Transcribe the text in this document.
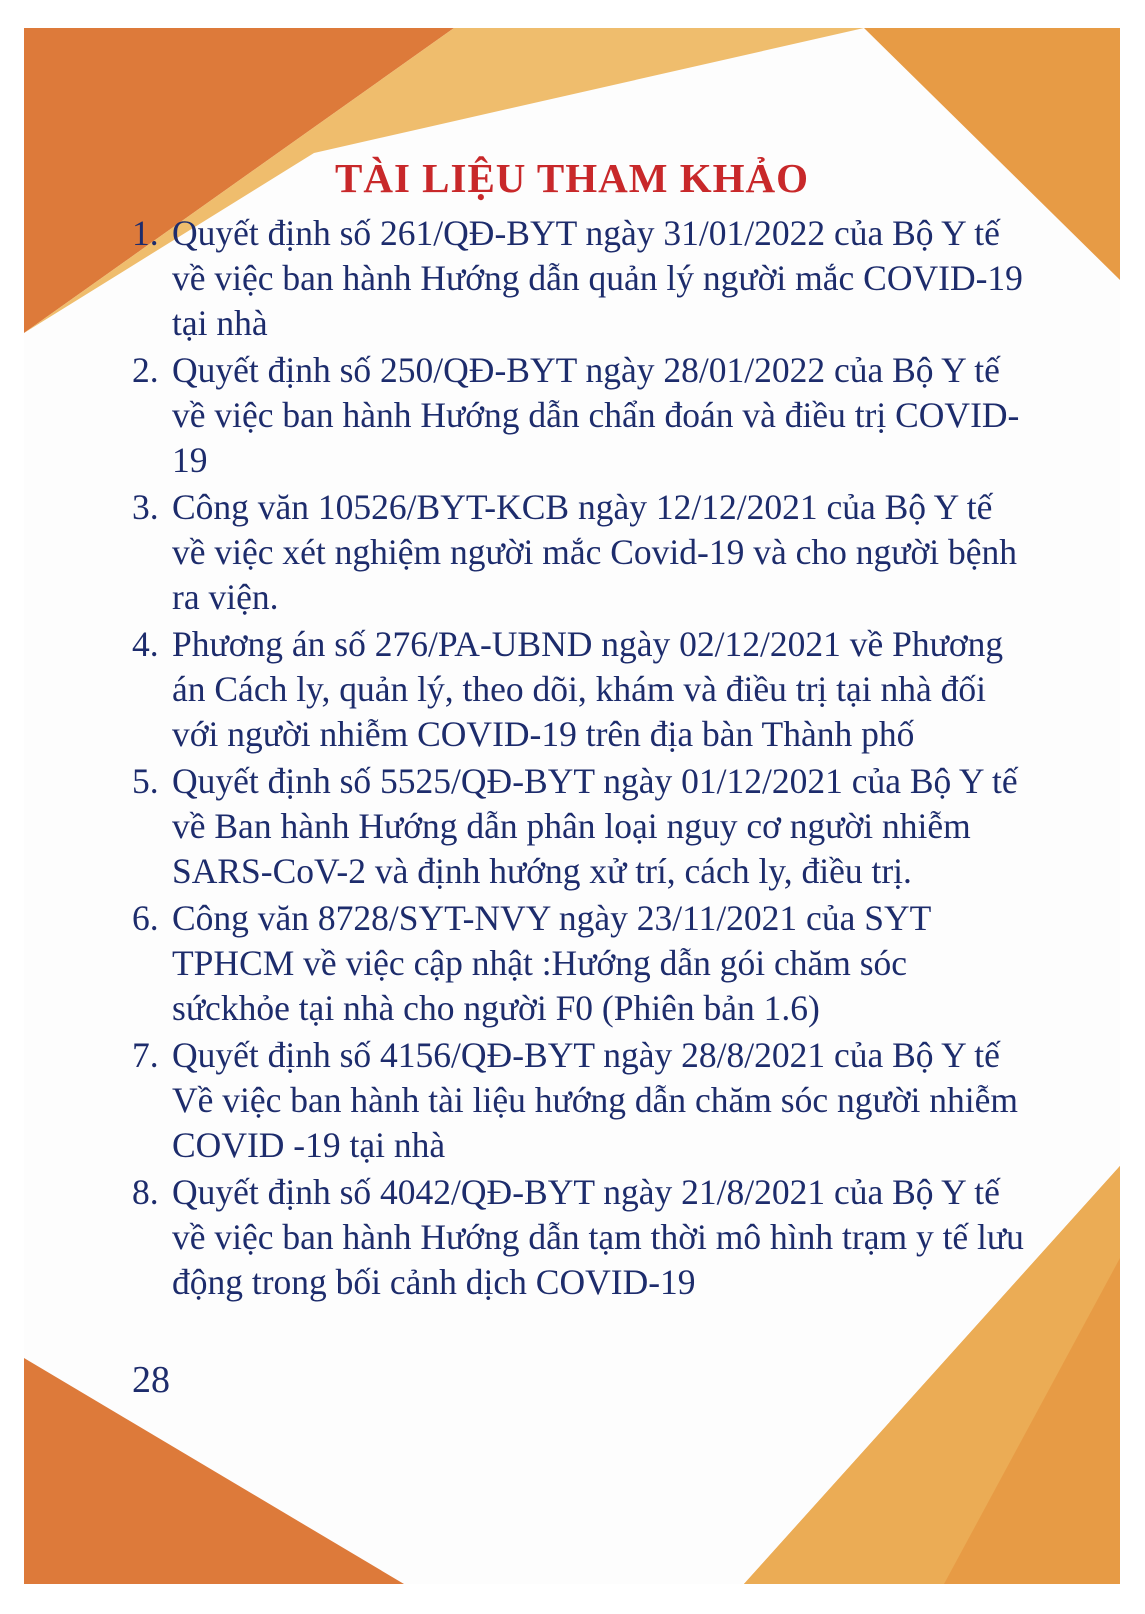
TÀI LIỆU THAM KHẢO
1. Quyết định số 261/QĐ-BYT ngày 31/01/2022 của Bộ Y tế về việc ban hành Hướng dẫn quản lý người mắc COVID-19 tại nhà
2. Quyết định số 250/QĐ-BYT ngày 28/01/2022 của Bộ Y tế về việc ban hành Hướng dẫn chẩn đoán và điều trị COVID-19
3. Công văn 10526/BYT-KCB ngày 12/12/2021 của Bộ Y tế về việc xét nghiệm người mắc Covid-19 và cho người bệnh ra viện.
4. Phương án số 276/PA-UBND ngày 02/12/2021 về Phương án Cách ly, quản lý, theo dõi, khám và điều trị tại nhà đối với người nhiễm COVID-19 trên địa bàn Thành phố
5. Quyết định số 5525/QĐ-BYT ngày 01/12/2021 của Bộ Y tế về Ban hành Hướng dẫn phân loại nguy cơ người nhiễm SARS-CoV-2 và định hướng xử trí, cách ly, điều trị.
6. Công văn 8728/SYT-NVY ngày 23/11/2021 của SYT TPHCM về việc cập nhật :Hướng dẫn gói chăm sóc sứckhỏe tại nhà cho người F0 (Phiên bản 1.6)
7. Quyết định số 4156/QĐ-BYT ngày 28/8/2021 của Bộ Y tế Về việc ban hành tài liệu hướng dẫn chăm sóc người nhiễm COVID -19 tại nhà
8. Quyết định số 4042/QĐ-BYT ngày 21/8/2021 của Bộ Y tế về việc ban hành Hướng dẫn tạm thời mô hình trạm y tế lưu động trong bối cảnh dịch COVID-19
28
